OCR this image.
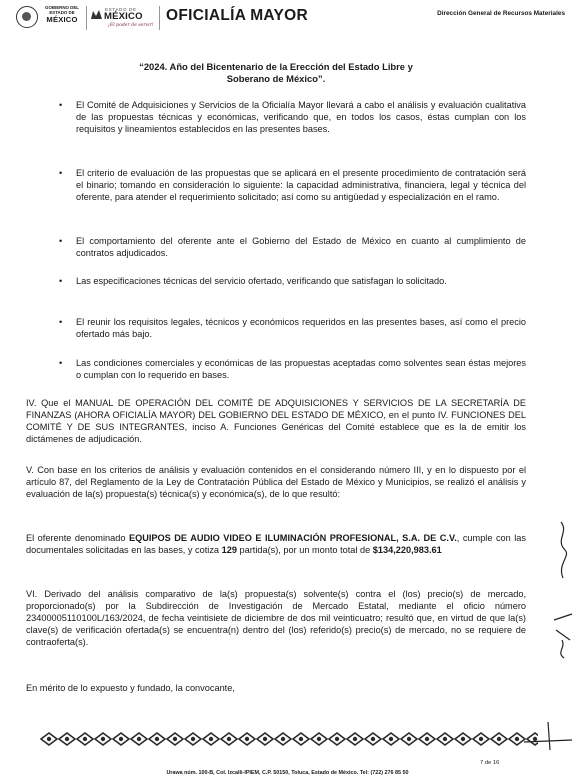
GOBIERNO DEL
ESTADO DE
MÉXICO
ESTADO DE
MÉXICO
¡El poder de servir!
OFICIALÍA MAYOR	Dirección General de Recursos Materiales
“2024. Año del Bicentenario de la Erección del Estado Libre y
Soberano de México”.
• El Comité de Adquisiciones y Servicios de la Oficialía Mayor llevará a cabo el análisis y evaluación cualitativa de las propuestas técnicas y económicas, verificando que, en todos los casos, éstas cumplan con los requisitos y lineamientos establecidos en las presentes bases.
• El criterio de evaluación de las propuestas que se aplicará en el presente procedimiento de contratación será el binario; tomando en consideración lo siguiente: la capacidad administrativa, financiera, legal y técnica del oferente, para atender el requerimiento solicitado; así como su antigüedad y especialización en el ramo.
• El comportamiento del oferente ante el Gobierno del Estado de México en cuanto al cumplimiento de contratos adjudicados.
• Las especificaciones técnicas del servicio ofertado, verificando que satisfagan lo solicitado.
• El reunir los requisitos legales, técnicos y económicos requeridos en las presentes bases, así como el precio ofertado más bajo.
• Las condiciones comerciales y económicas de las propuestas aceptadas como solventes sean éstas mejores o cumplan con lo requerido en bases.
IV. Que el MANUAL DE OPERACIÓN DEL COMITÉ DE ADQUISICIONES Y SERVICIOS DE LA SECRETARÍA DE FINANZAS (AHORA OFICIALÍA MAYOR) DEL GOBIERNO DEL ESTADO DE MÉXICO, en el punto IV. FUNCIONES DEL COMITÉ Y DE SUS INTEGRANTES, inciso A. Funciones Genéricas del Comité establece que es la de emitir los dictámenes de adjudicación.
V. Con base en los criterios de análisis y evaluación contenidos en el considerando número III, y en lo dispuesto por el artículo 87, del Reglamento de la Ley de Contratación Pública del Estado de México y Municipios, se realizó el análisis y evaluación de la(s) propuesta(s) técnica(s) y económica(s), de lo que resultó:
El oferente denominado EQUIPOS DE AUDIO VIDEO E ILUMINACIÓN PROFESIONAL, S.A. DE C.V., cumple con las documentales solicitadas en las bases, y cotiza 129 partida(s), por un monto total de $134,220,983.61
VI. Derivado del análisis comparativo de la(s) propuesta(s) solvente(s) contra el (los) precio(s) de mercado, proporcionado(s) por la Subdirección de Investigación de Mercado Estatal, mediante el oficio número 23400005110100L/163/2024, de fecha veintisiete de diciembre de dos mil veinticuatro; resultó que, en virtud de que la(s) clave(s) de verificación ofertada(s) se encuentra(n) dentro del (los) referido(s) precio(s) de mercado, no se requiere de contraoferta(s).
En mérito de lo expuesto y fundado, la convocante,
7 de 16
Urawa núm. 100-B, Col. Izcalli-IPIEM, C.P. 50150, Toluca, Estado de México. Tel: (722) 276 85 50
